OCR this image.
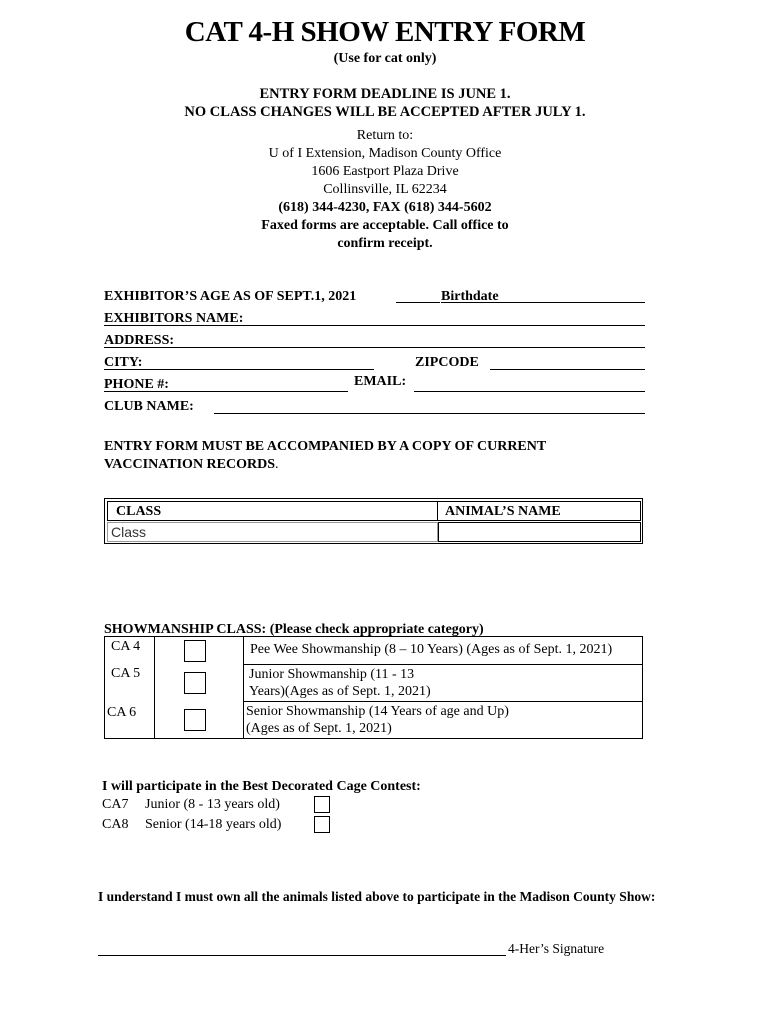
CAT 4-H SHOW ENTRY FORM
(Use for cat only)
ENTRY FORM DEADLINE IS JUNE 1.
NO CLASS CHANGES WILL BE ACCEPTED AFTER JULY 1.
Return to:
U of I Extension, Madison County Office
1606 Eastport Plaza Drive
Collinsville, IL 62234
(618) 344-4230, FAX (618) 344-5602
Faxed forms are acceptable. Call office to
confirm receipt.
EXHIBITOR’S AGE AS OF SEPT.1, 2021	Birthdate
EXHIBITORS NAME:
ADDRESS:
CITY:	ZIPCODE
PHONE #:	EMAIL:
CLUB NAME:
ENTRY FORM MUST BE ACCOMPANIED BY A COPY OF CURRENT
VACCINATION RECORDS.
CLASS	ANIMAL’S NAME
Class
SHOWMANSHIP CLASS: (Please check appropriate category)
CA 4	Pee Wee Showmanship (8 – 10 Years) (Ages as of Sept. 1, 2021)
CA 5	Junior Showmanship (11 - 13
Years)(Ages as of Sept. 1, 2021)
CA 6	Senior Showmanship (14 Years of age and Up)
(Ages as of Sept. 1, 2021)
I will participate in the Best Decorated Cage Contest:
CA7 Junior (8 - 13 years old)
CA8 Senior (14-18 years old)
I understand I must own all the animals listed above to participate in the Madison County Show:
4-Her’s Signature
